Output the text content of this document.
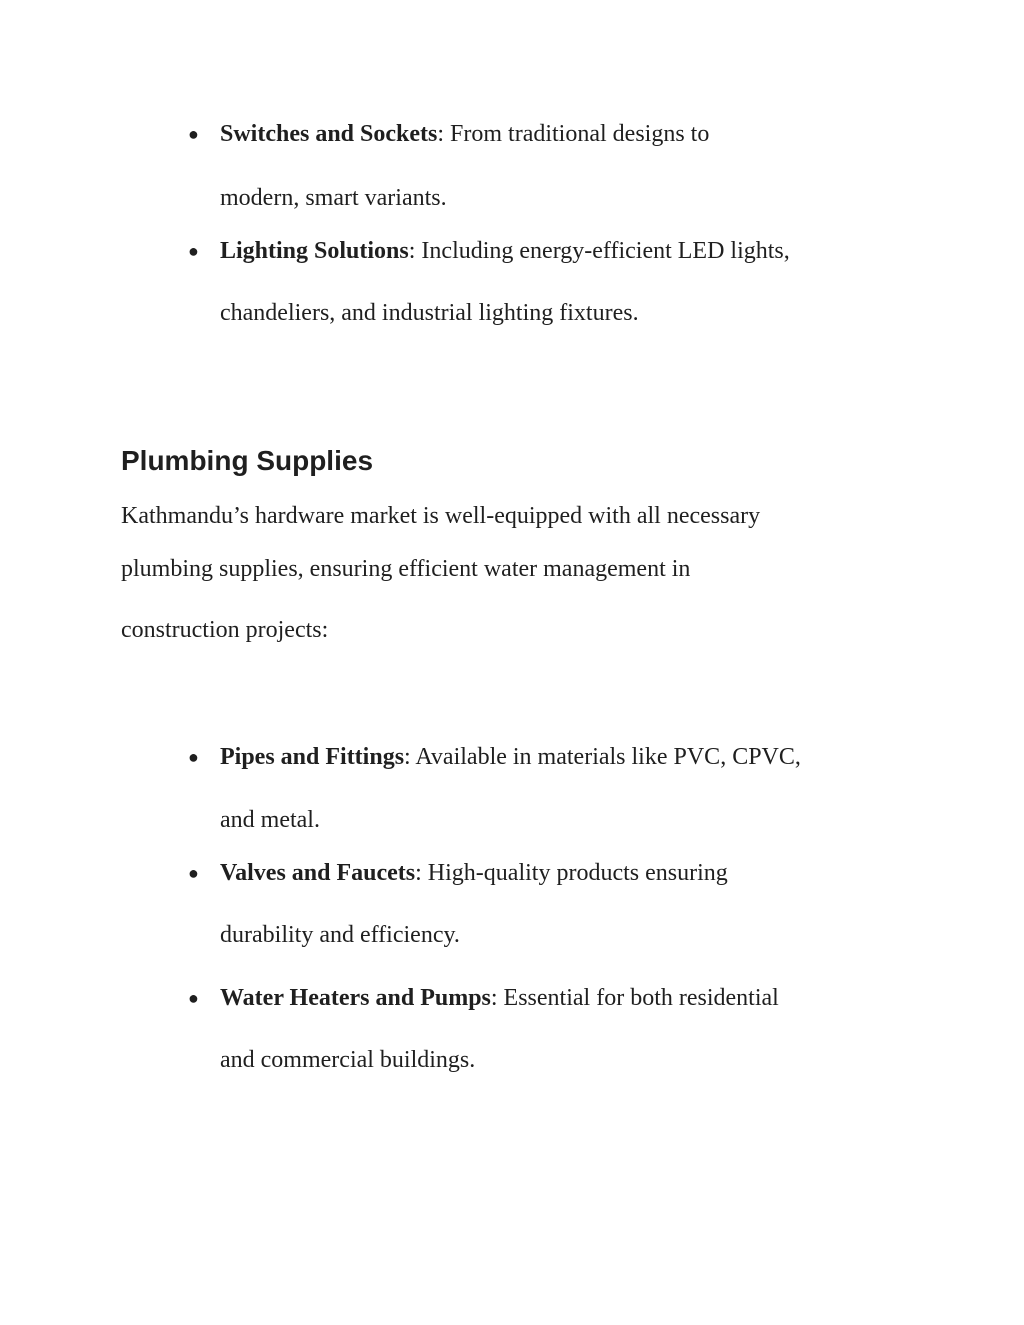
● Switches and Sockets: From traditional designs to
modern, smart variants.
● Lighting Solutions: Including energy-efficient LED lights,
chandeliers, and industrial lighting fixtures.
Plumbing Supplies
Kathmandu’s hardware market is well-equipped with all necessary
plumbing supplies, ensuring efficient water management in
construction projects:
● Pipes and Fittings: Available in materials like PVC, CPVC,
and metal.
● Valves and Faucets: High-quality products ensuring
durability and efficiency.
● Water Heaters and Pumps: Essential for both residential
and commercial buildings.
